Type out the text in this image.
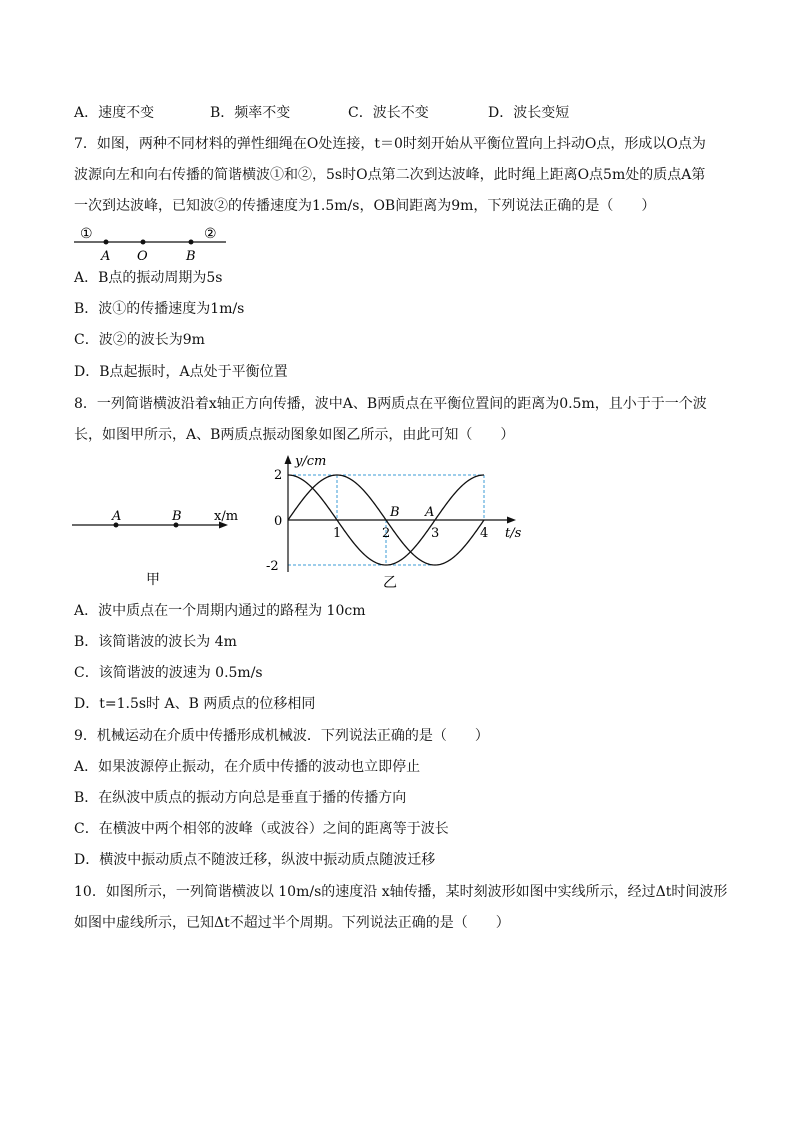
A．速度不变	B．频率不变	C．波长不变	D．波长变短
7．如图，两种不同材料的弹性细绳在O处连接，t＝0时刻开始从平衡位置向上抖动O点，形成以O点为
波源向左和向右传播的简谐横波①和②，5s时O点第二次到达波峰，此时绳上距离O点5m处的质点A第
一次到达波峰，已知波②的传播速度为1.5m/s，OB间距离为9m，下列说法正确的是（　　）
①	②
A O	B
A．B点的振动周期为5s
B．波①的传播速度为1m/s
C．波②的波长为9m
D．B点起振时，A点处于平衡位置
8．一列简谐横波沿着x轴正方向传播，波中A、B两质点在平衡位置间的距离为0.5m，且小于于一个波
长，如图甲所示，A、B两质点振动图象如图乙所示，由此可知（　　）
A	B x/m
甲
1	2	3	4
2
-2
0
y/cm
t/s
B A
乙
A．波中质点在一个周期内通过的路程为 10cm
B．该简谐波的波长为 4m
C．该简谐波的波速为 0.5m/s
D．t=1.5s时 A、B 两质点的位移相同
9．机械运动在介质中传播形成机械波．下列说法正确的是（　　）
A．如果波源停止振动，在介质中传播的波动也立即停止
B．在纵波中质点的振动方向总是垂直于播的传播方向
C．在横波中两个相邻的波峰（或波谷）之间的距离等于波长
D．横波中振动质点不随波迁移，纵波中振动质点随波迁移
10．如图所示，一列简谐横波以 10m/s的速度沿 x轴传播，某时刻波形如图中实线所示，经过Δt时间波形
如图中虚线所示，已知Δt不超过半个周期。下列说法正确的是（　　）
